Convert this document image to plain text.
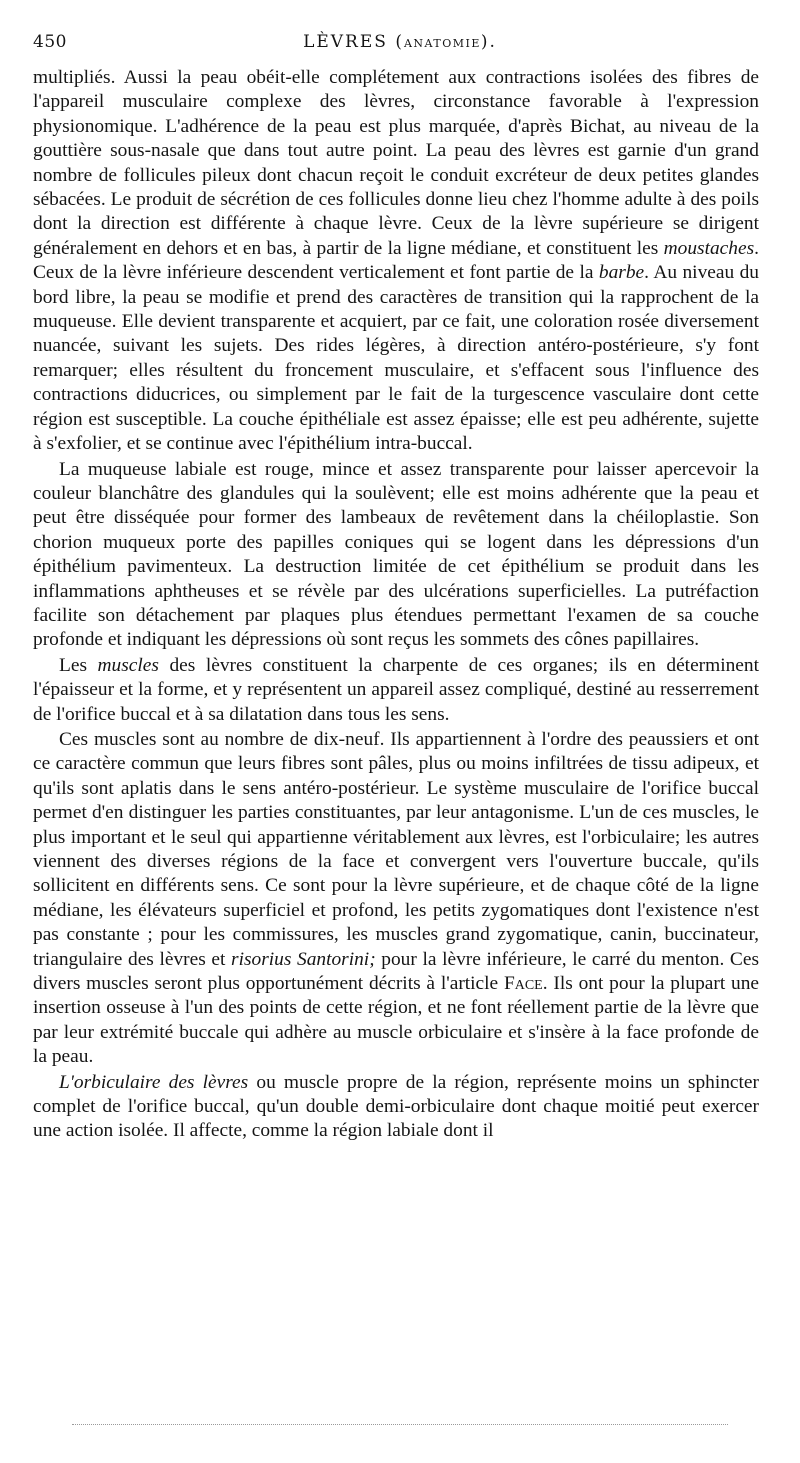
450	LÈVRES (ANATOMIE).

multipliés. Aussi la peau obéit-elle complétement aux contractions isolées des fibres de l'appareil musculaire complexe des lèvres, circonstance favorable à l'expression physionomique. L'adhérence de la peau est plus marquée, d'après Bichat, au niveau de la gouttière sous-nasale que dans tout autre point. La peau des lèvres est garnie d'un grand nombre de follicules pileux dont chacun reçoit le conduit excréteur de deux petites glandes sébacées. Le produit de sécrétion de ces follicules donne lieu chez l'homme adulte à des poils dont la direction est différente à chaque lèvre. Ceux de la lèvre supérieure se dirigent généralement en dehors et en bas, à partir de la ligne médiane, et constituent les moustaches. Ceux de la lèvre inférieure descendent verticalement et font partie de la barbe. Au niveau du bord libre, la peau se modifie et prend des caractères de transition qui la rapprochent de la muqueuse. Elle devient transparente et acquiert, par ce fait, une coloration rosée diversement nuancée, suivant les sujets. Des rides légères, à direction antéro-postérieure, s'y font remarquer; elles résultent du froncement musculaire, et s'effacent sous l'influence des contractions diducrices, ou simplement par le fait de la turgescence vasculaire dont cette région est susceptible. La couche épithéliale est assez épaisse; elle est peu adhérente, sujette à s'exfolier, et se continue avec l'épithélium intra-buccal.

La muqueuse labiale est rouge, mince et assez transparente pour laisser apercevoir la couleur blanchâtre des glandules qui la soulèvent; elle est moins adhérente que la peau et peut être disséquée pour former des lambeaux de revêtement dans la chéiloplastie. Son chorion muqueux porte des papilles coniques qui se logent dans les dépressions d'un épithélium pavimenteux. La destruction limitée de cet épithélium se produit dans les inflammations aphtheuses et se révèle par des ulcérations superficielles. La putréfaction facilite son détachement par plaques plus étendues permettant l'examen de sa couche profonde et indiquant les dépressions où sont reçus les sommets des cônes papillaires.

Les muscles des lèvres constituent la charpente de ces organes; ils en déterminent l'épaisseur et la forme, et y représentent un appareil assez compliqué, destiné au resserrement de l'orifice buccal et à sa dilatation dans tous les sens.

Ces muscles sont au nombre de dix-neuf. Ils appartiennent à l'ordre des peaussiers et ont ce caractère commun que leurs fibres sont pâles, plus ou moins infiltrées de tissu adipeux, et qu'ils sont aplatis dans le sens antéro-postérieur. Le système musculaire de l'orifice buccal permet d'en distinguer les parties constituantes, par leur antagonisme. L'un de ces muscles, le plus important et le seul qui appartienne véritablement aux lèvres, est l'orbiculaire; les autres viennent des diverses régions de la face et convergent vers l'ouverture buccale, qu'ils sollicitent en différents sens. Ce sont pour la lèvre supérieure, et de chaque côté de la ligne médiane, les élévateurs superficiel et profond, les petits zygomatiques dont l'existence n'est pas constante ; pour les commissures, les muscles grand zygomatique, canin, buccinateur, triangulaire des lèvres et risorius Santorini; pour la lèvre inférieure, le carré du menton. Ces divers muscles seront plus opportunément décrits à l'article Face. Ils ont pour la plupart une insertion osseuse à l'un des points de cette région, et ne font réellement partie de la lèvre que par leur extrémité buccale qui adhère au muscle orbiculaire et s'insère à la face profonde de la peau.

L'orbiculaire des lèvres ou muscle propre de la région, représente moins un sphincter complet de l'orifice buccal, qu'un double demi-orbiculaire dont chaque moitié peut exercer une action isolée. Il affecte, comme la région labiale dont il
